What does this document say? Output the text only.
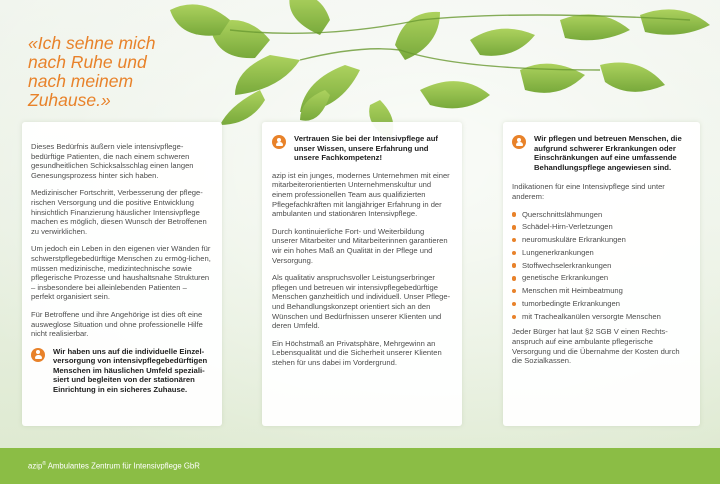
«Ich sehne mich nach Ruhe und nach meinem Zuhause.»

Dieses Bedürfnis äußern viele intensivpflege-bedürftige Patienten, die nach einem schweren gesundheitlichen Schicksalsschlag einen langen Genesungsprozess hinter sich haben.

Medizinischer Fortschritt, Verbesserung der pflege-rischen Versorgung und die positive Entwicklung hinsichtlich Finanzierung häuslicher Intensivpflege machen es möglich, diesen Wunsch der Betroffenen zu verwirklichen.

Um jedoch ein Leben in den eigenen vier Wänden für schwerstpflegebedürftige Menschen zu ermög-lichen, müssen medizinische, medizintechnische sowie pflegerische Prozesse und haushaltsnahe Strukturen – insbesondere bei alleinlebenden Patienten – perfekt organisiert sein.

Für Betroffene und ihre Angehörige ist dies oft eine ausweglose Situation und ohne professionelle Hilfe nicht realisierbar.

Wir haben uns auf die individuelle Einzel-versorgung von intensivpflegebedürftigen Menschen im häuslichen Umfeld speziali-siert und begleiten von der stationären Einrichtung in ein sicheres Zuhause.
Vertrauen Sie bei der Intensivpflege auf unser Wissen, unsere Erfahrung und unsere Fachkompetenz!

azip ist ein junges, modernes Unternehmen mit einer mitarbeiterorientierten Unternehmenskultur und einem professionellen Team aus qualifizierten Pflegefachkräften mit langjähriger Erfahrung in der ambulanten und stationären Intensivpflege.

Durch kontinuierliche Fort- und Weiterbildung unserer Mitarbeiter und Mitarbeiterinnen garantieren wir ein hohes Maß an Qualität in der Pflege und Versorgung.

Als qualitativ anspruchsvoller Leistungserbringer pflegen und betreuen wir intensivpflegebedürftige Menschen ganzheitlich und individuell. Unser Pflege- und Behandlungskonzept orientiert sich an den Wünschen und Bedürfnissen unserer Klienten und deren Umfeld.

Ein Höchstmaß an Privatsphäre, Mehrgewinn an Lebensqualität und die Sicherheit unserer Klienten stehen für uns dabei im Vordergrund.

Wir pflegen und betreuen Menschen, die aufgrund schwerer Erkrankungen oder Einschränkungen auf eine umfassende Behandlungspflege angewiesen sind.

Indikationen für eine Intensivpflege sind unter anderem:

Querschnittslähmungen
Schädel-Hirn-Verletzungen
neuromuskuläre Erkrankungen
Lungenerkrankungen
Stoffwechselerkrankungen
genetische Erkrankungen
Menschen mit Heimbeatmung
tumorbedingte Erkrankungen
mit Trachealkanülen versorgte Menschen

Jeder Bürger hat laut §2 SGB V einen Rechts-anspruch auf eine ambulante pflegerische Versorgung und die Übernahme der Kosten durch die Sozialkassen.

azip® Ambulantes Zentrum für Intensivpflege GbR
